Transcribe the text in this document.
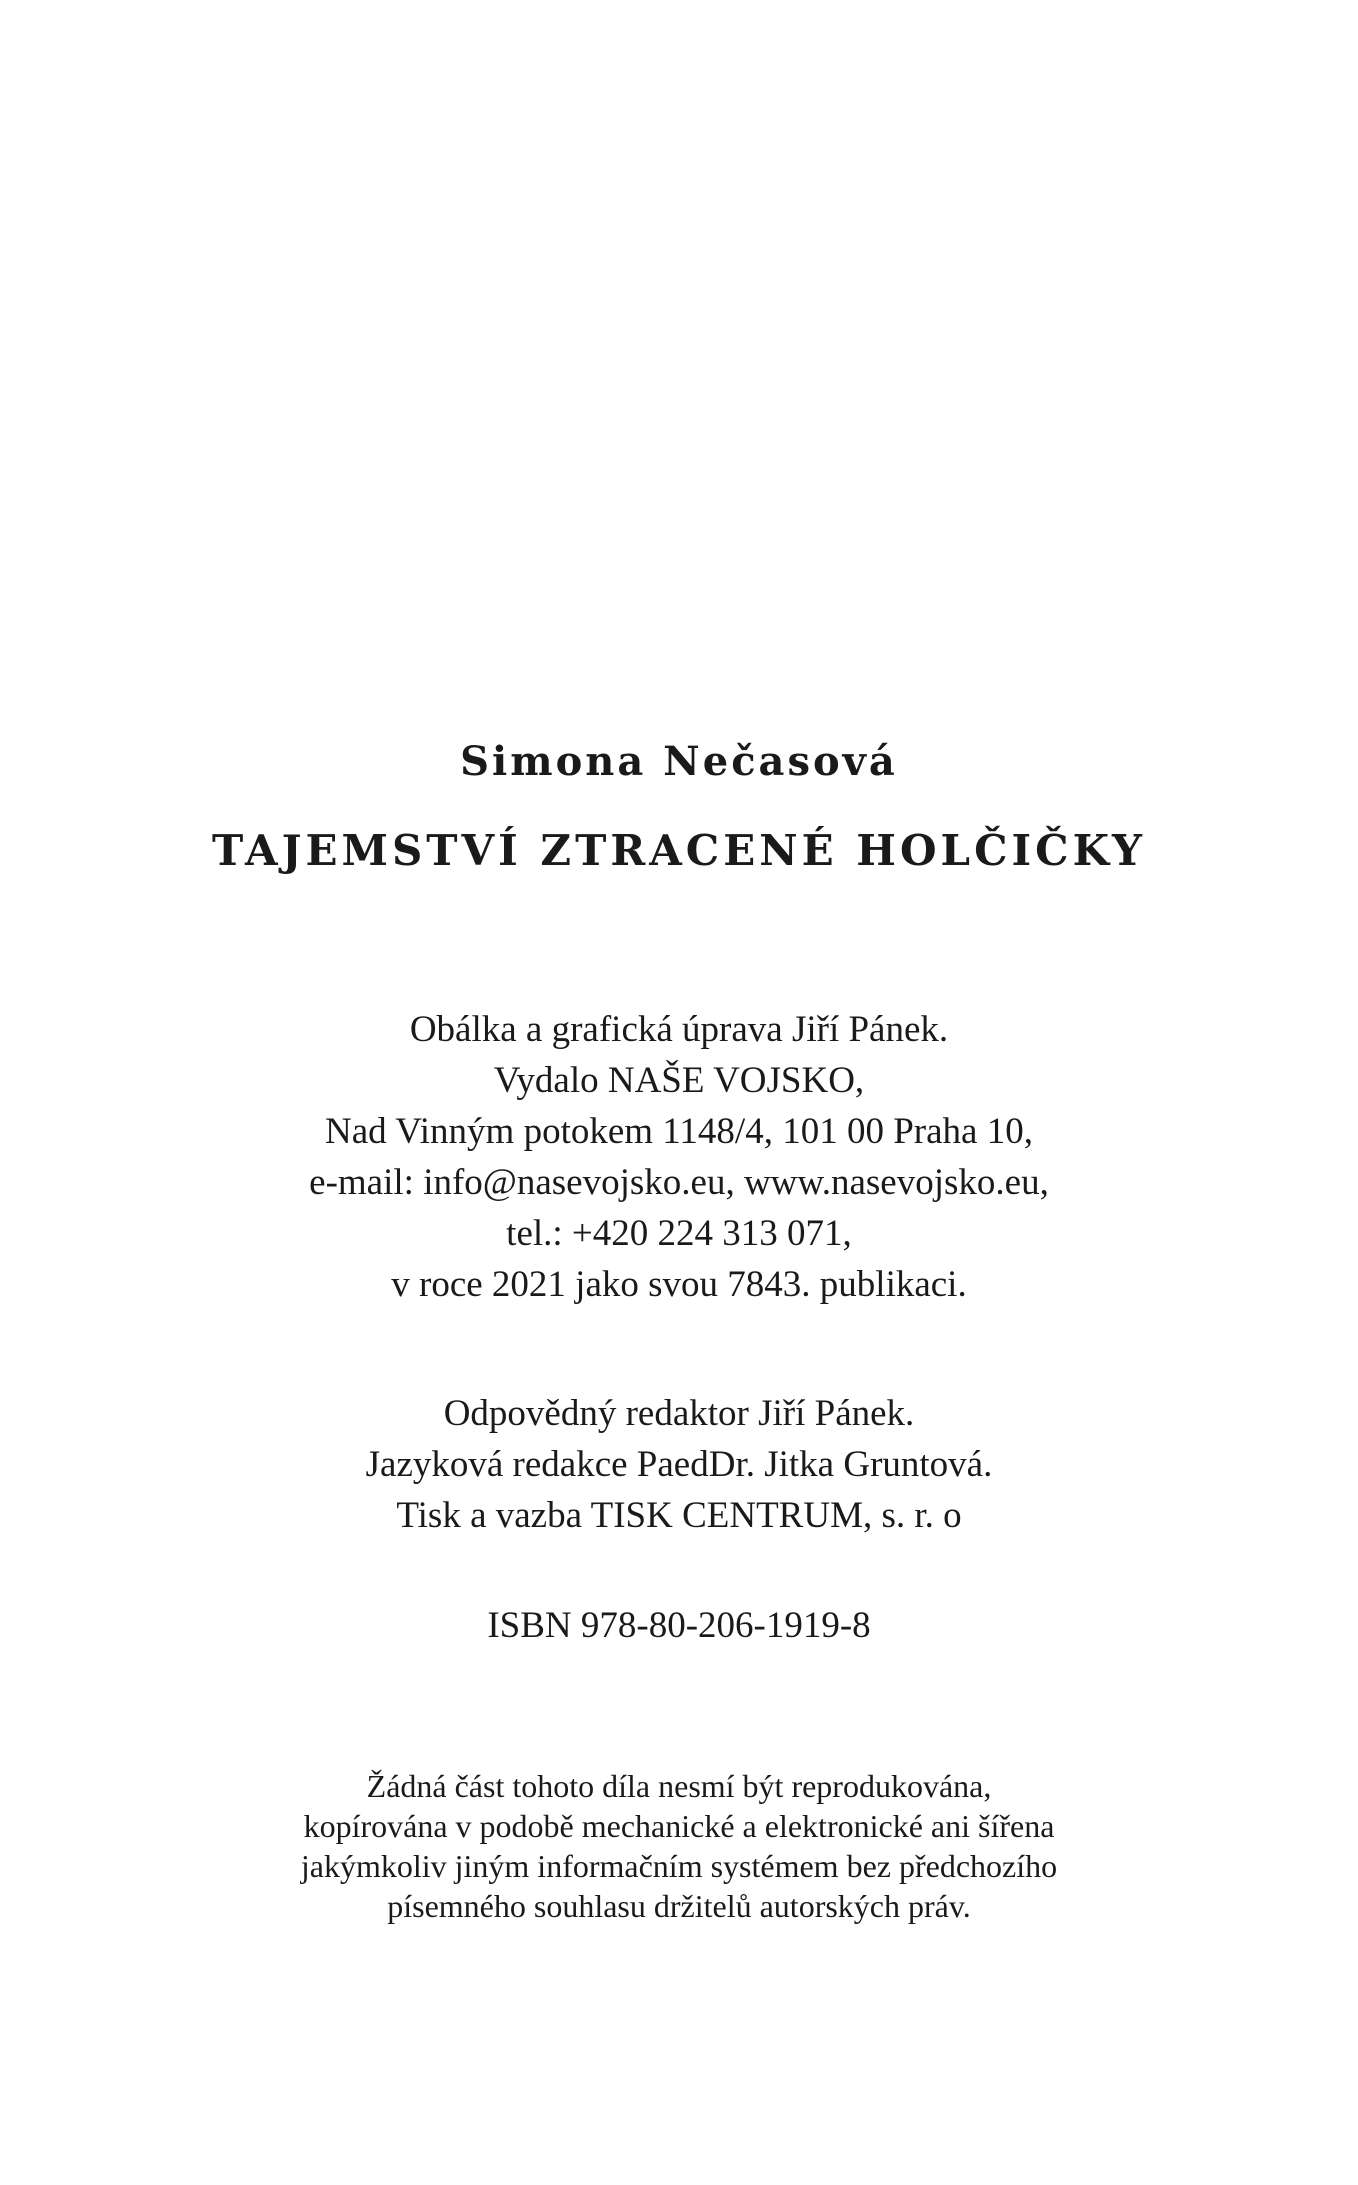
Simona Nečasová
TAJEMSTVÍ ZTRACENÉ HOLČIČKY
Obálka a grafická úprava Jiří Pánek.
Vydalo NAŠE VOJSKO,
Nad Vinným potokem 1148/4, 101 00 Praha 10,
e-mail: info@nasevojsko.eu, www.nasevojsko.eu,
tel.: +420 224 313 071,
v roce 2021 jako svou 7843. publikaci.
Odpovědný redaktor Jiří Pánek.
Jazyková redakce PaedDr. Jitka Gruntová.
Tisk a vazba TISK CENTRUM, s. r. o
ISBN 978-80-206-1919-8
Žádná část tohoto díla nesmí být reprodukována,
kopírována v podobě mechanické a elektronické ani šířena
jakýmkoliv jiným informačním systémem bez předchozího
písemného souhlasu držitelů autorských práv.
